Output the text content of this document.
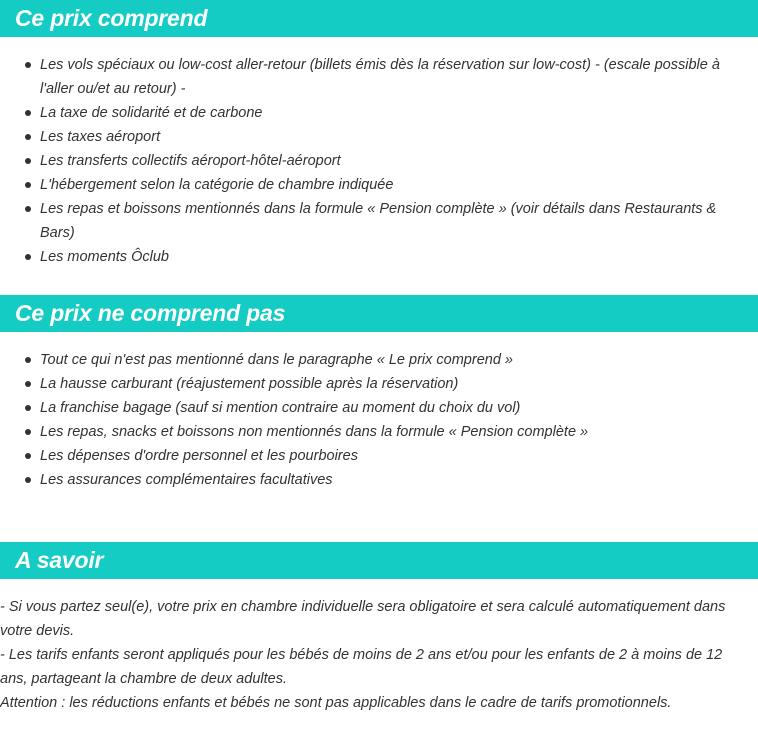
Ce prix comprend
Les vols spéciaux ou low-cost aller-retour (billets émis dès la réservation sur low-cost) - (escale possible à l'aller ou/et au retour) -
La taxe de solidarité et de carbone
Les taxes aéroport
Les transferts collectifs aéroport-hôtel-aéroport
L'hébergement selon la catégorie de chambre indiquée
Les repas et boissons mentionnés dans la formule « Pension complète » (voir détails dans Restaurants & Bars)
Les moments Ôclub
Ce prix ne comprend pas
Tout ce qui n'est pas mentionné dans le paragraphe « Le prix comprend »
La hausse carburant (réajustement possible après la réservation)
La franchise bagage (sauf si mention contraire au moment du choix du vol)
Les repas, snacks et boissons non mentionnés dans la formule « Pension complète »
Les dépenses d'ordre personnel et les pourboires
Les assurances complémentaires facultatives
A savoir

- Si vous partez seul(e), votre prix en chambre individuelle sera obligatoire et sera calculé automatiquement dans votre devis.

- Les tarifs enfants seront appliqués pour les bébés de moins de 2 ans et/ou pour les enfants de 2 à moins de 12 ans, partageant la chambre de deux adultes.

Attention : les réductions enfants et bébés ne sont pas applicables dans le cadre de tarifs promotionnels.
